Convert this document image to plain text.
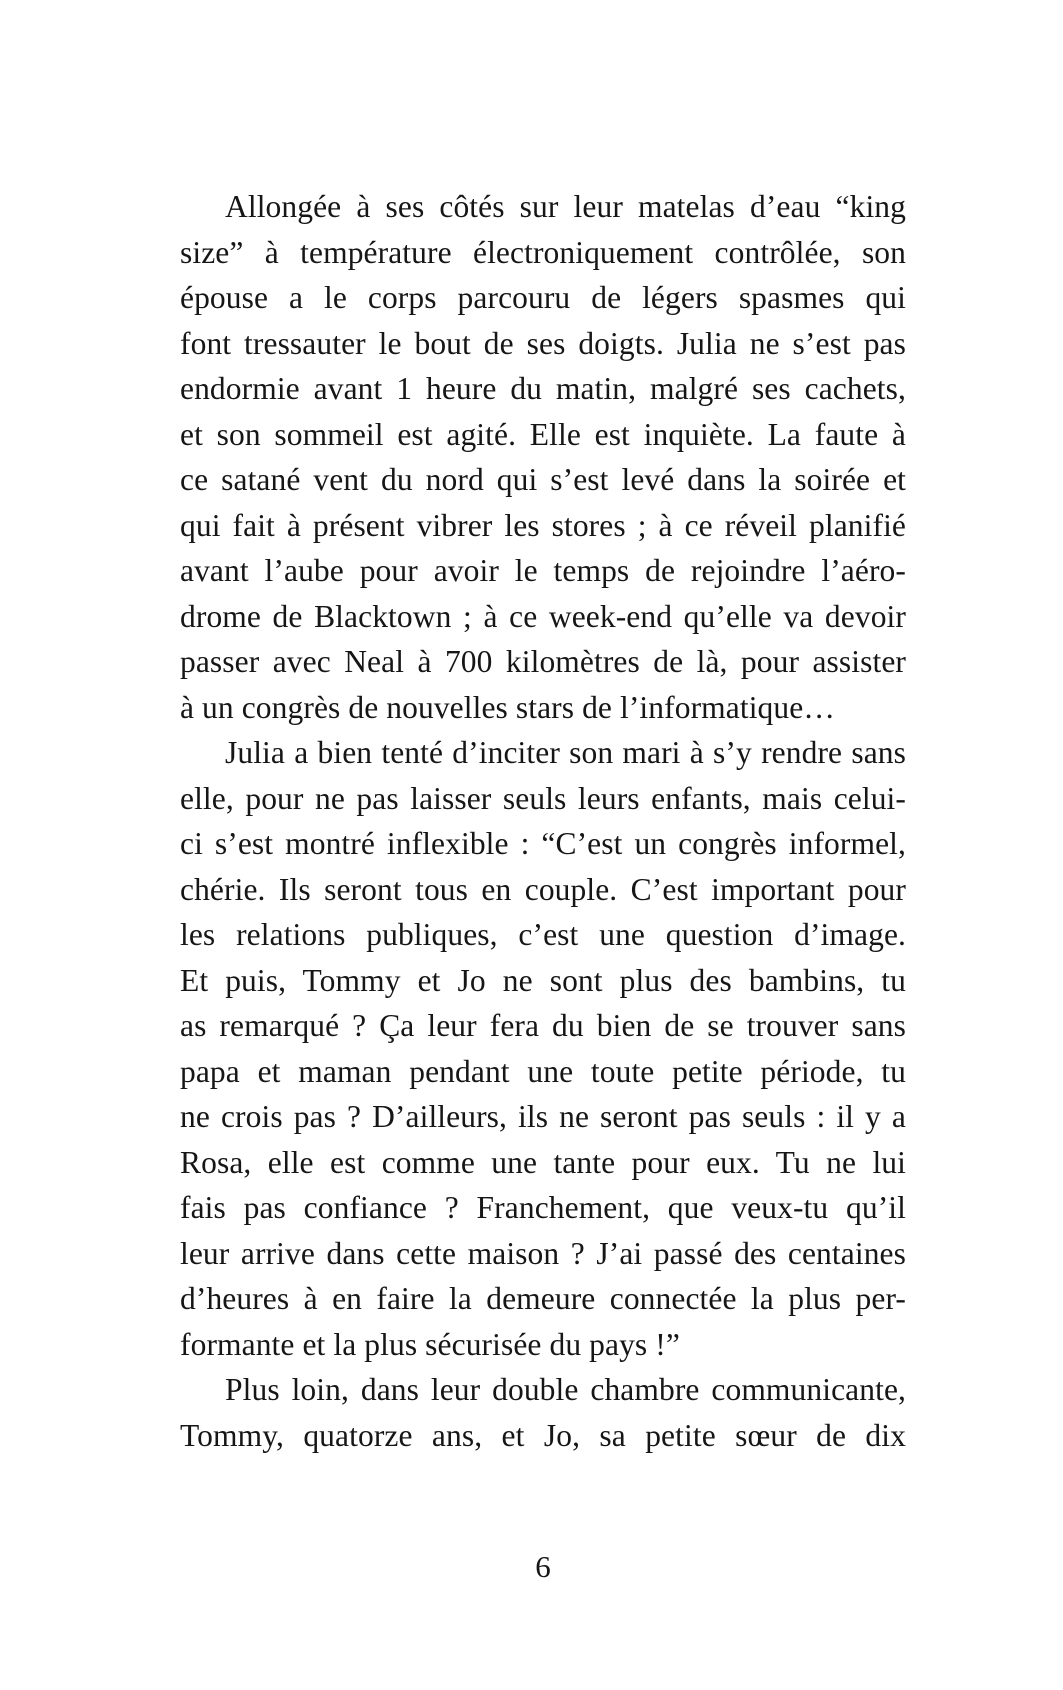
Allongée à ses côtés sur leur matelas d’eau “king
size” à température électroniquement contrôlée, son
épouse a le corps parcouru de légers spasmes qui
font tressauter le bout de ses doigts. Julia ne s’est pas
endormie avant 1 heure du matin, malgré ses cachets,
et son sommeil est agité. Elle est inquiète. La faute à
ce satané vent du nord qui s’est levé dans la soirée et
qui fait à présent vibrer les stores ; à ce réveil planifié
avant l’aube pour avoir le temps de rejoindre l’aéro-
drome de Blacktown ; à ce week-end qu’elle va devoir
passer avec Neal à 700 kilomètres de là, pour assister
à un congrès de nouvelles stars de l’informatique…
Julia a bien tenté d’inciter son mari à s’y rendre sans
elle, pour ne pas laisser seuls leurs enfants, mais celui-
ci s’est montré inflexible : “C’est un congrès informel,
chérie. Ils seront tous en couple. C’est important pour
les relations publiques, c’est une question d’image.
Et puis, Tommy et Jo ne sont plus des bambins, tu
as remarqué ? Ça leur fera du bien de se trouver sans
papa et maman pendant une toute petite période, tu
ne crois pas ? D’ailleurs, ils ne seront pas seuls : il y a
Rosa, elle est comme une tante pour eux. Tu ne lui
fais pas confiance ? Franchement, que veux-tu qu’il
leur arrive dans cette maison ? J’ai passé des centaines
d’heures à en faire la demeure connectée la plus per-
formante et la plus sécurisée du pays !”
Plus loin, dans leur double chambre communicante,
Tommy, quatorze ans, et Jo, sa petite sœur de dix
6
